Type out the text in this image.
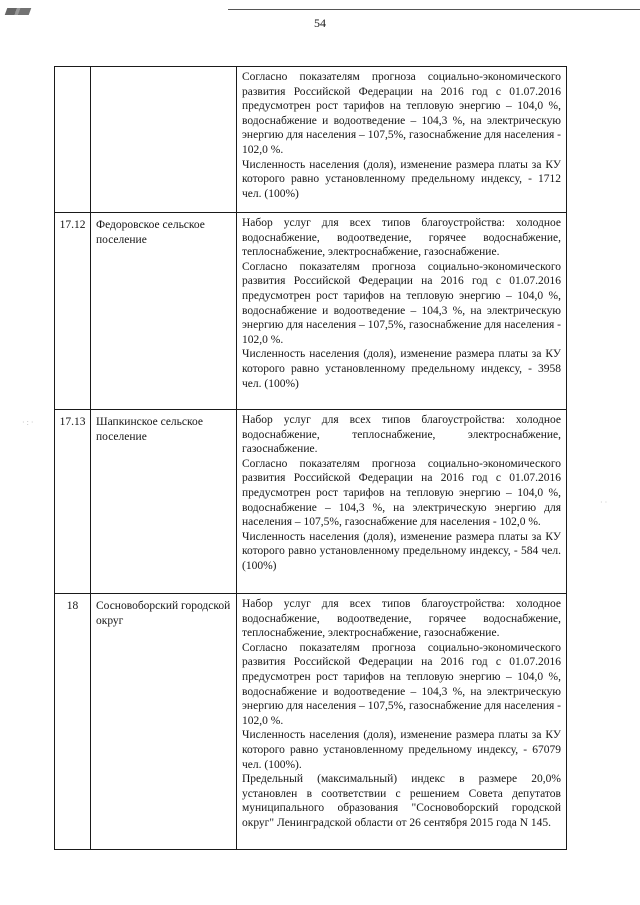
54

		Согласно показателям прогноза социально-экономического развития Российской Федерации на 2016 год с 01.07.2016 предусмотрен рост тарифов на тепловую энергию – 104,0 %, водоснабжение и водоотведение – 104,3 %, на электрическую энергию для населения – 107,5%, газоснабжение для населения - 102,0 %.

Численность населения (доля), изменение размера платы за КУ которого равно установленному предельному индексу, - 1712 чел. (100%)

17.12	Федоровское сельское поселение	Набор услуг для всех типов благоустройства: холодное водоснабжение, водоотведение, горячее водоснабжение, теплоснабжение, электроснабжение, газоснабжение.

Согласно показателям прогноза социально-экономического развития Российской Федерации на 2016 год с 01.07.2016 предусмотрен рост тарифов на тепловую энергию – 104,0 %, водоснабжение и водоотведение – 104,3 %, на электрическую энергию для населения – 107,5%, газоснабжение для населения - 102,0 %.

Численность населения (доля), изменение размера платы за КУ которого равно установленному предельному индексу, - 3958 чел. (100%)

17.13	Шапкинское сельское поселение	Набор услуг для всех типов благоустройства: холодное водоснабжение, теплоснабжение, электроснабжение, газоснабжение.

Согласно показателям прогноза социально-экономического развития Российской Федерации на 2016 год с 01.07.2016 предусмотрен рост тарифов на тепловую энергию – 104,0 %, водоснабжение – 104,3 %, на электрическую энергию для населения – 107,5%, газоснабжение для населения - 102,0 %.

Численность населения (доля), изменение размера платы за КУ которого равно установленному предельному индексу, - 584 чел. (100%)

18	Сосновоборский городской округ	Набор услуг для всех типов благоустройства: холодное водоснабжение, водоотведение, горячее водоснабжение, теплоснабжение, электроснабжение, газоснабжение.

Согласно показателям прогноза социально-экономического развития Российской Федерации на 2016 год с 01.07.2016 предусмотрен рост тарифов на тепловую энергию – 104,0 %, водоснабжение и водоотведение – 104,3 %, на электрическую энергию для населения – 107,5%, газоснабжение для населения - 102,0 %.

Численность населения (доля), изменение размера платы за КУ которого равно установленному предельному индексу, - 67079 чел. (100%).

Предельный (максимальный) индекс в размере 20,0% установлен в соответствии с решением Совета депутатов муниципального образования "Сосновоборский городской округ" Ленинградской области от 26 сентября 2015 года N 145.

· : ·
· ·
